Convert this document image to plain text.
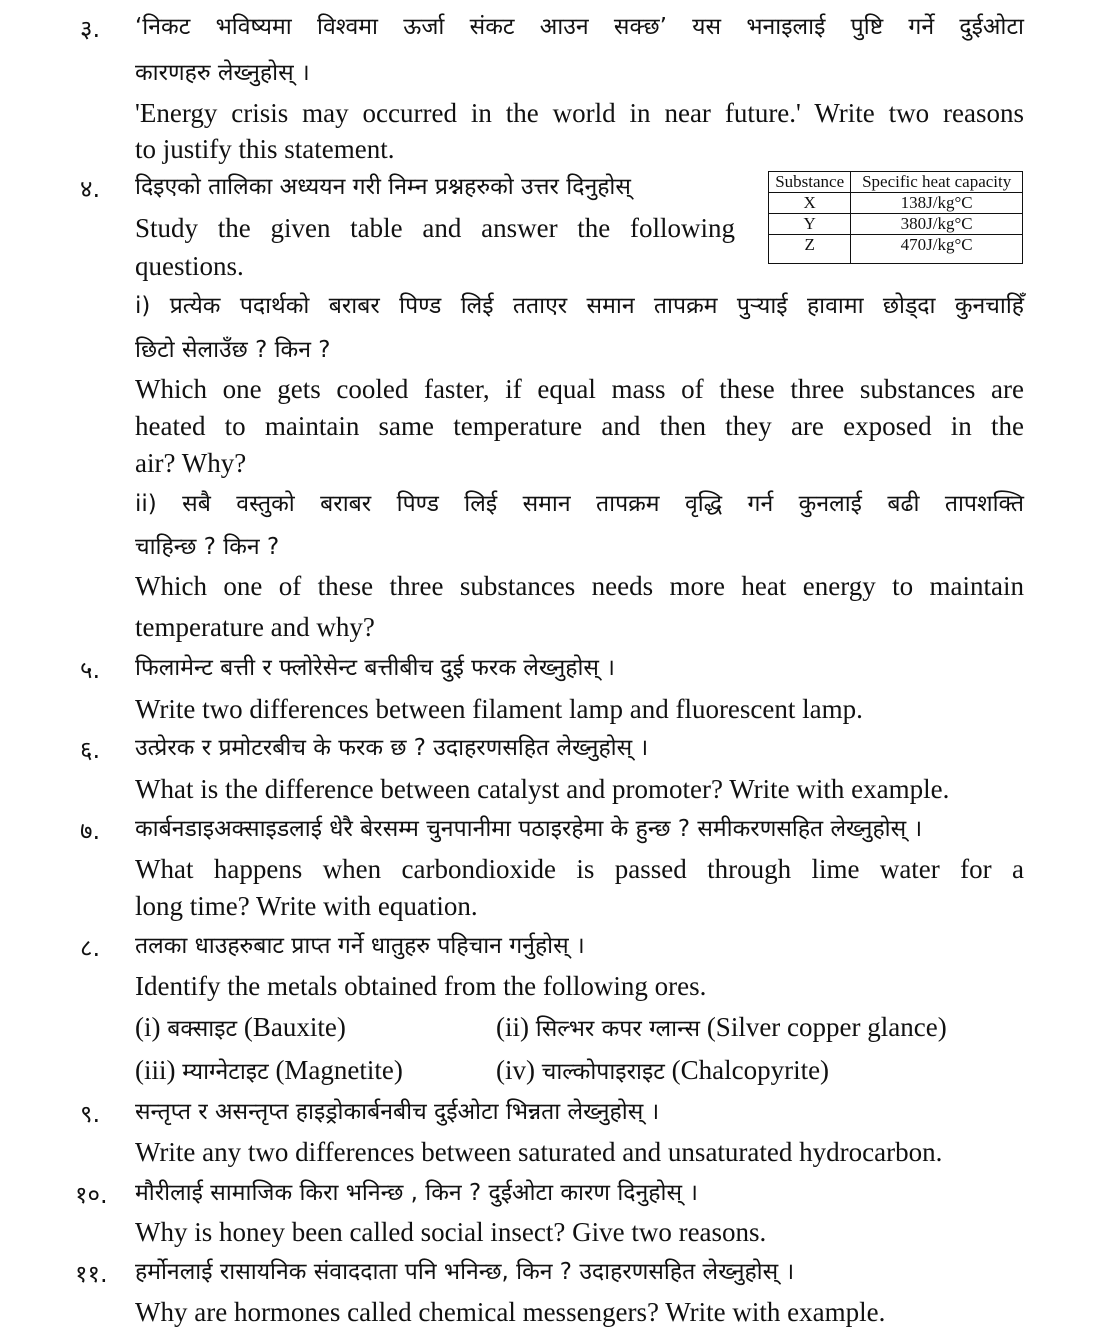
३. ‘निकट भविष्यमा विश्वमा ऊर्जा संकट आउन सक्छ’ यस भनाइलाई पुष्टि गर्ने दुईओटा
कारणहरु लेख्नुहोस् ।
'Energy crisis may occurred in the world in near future.' Write two reasons
to justify this statement.
४. दिइएको तालिका अध्ययन गरी निम्न प्रश्नहरुको उत्तर दिनुहोस्
Study the given table and answer the following
questions.
Substance	Specific heat capacity
X	138J/kg°C
Y	380J/kg°C
Z	470J/kg°C
i) प्रत्येक पदार्थको बराबर पिण्ड लिई तताएर समान तापक्रम पुऱ्याई हावामा छोड्दा कुनचाहिँ
छिटो सेलाउँछ ? किन ?
Which one gets cooled faster, if equal mass of these three substances are
heated to maintain same temperature and then they are exposed in the
air? Why?
ii) सबै वस्तुको बराबर पिण्ड लिई समान तापक्रम वृद्धि गर्न कुनलाई बढी तापशक्ति
चाहिन्छ ? किन ?
Which one of these three substances needs more heat energy to maintain
temperature and why?
५. फिलामेन्ट बत्ती र फ्लोरेसेन्ट बत्तीबीच दुई फरक लेख्नुहोस् ।
Write two differences between filament lamp and fluorescent lamp.
६. उत्प्रेरक र प्रमोटरबीच के फरक छ ? उदाहरणसहित लेख्नुहोस् ।
What is the difference between catalyst and promoter? Write with example.
७. कार्बनडाइअक्साइडलाई धेरै बेरसम्म चुनपानीमा पठाइरहेमा के हुन्छ ? समीकरणसहित लेख्नुहोस् ।
What happens when carbondioxide is passed through lime water for a
long time? Write with equation.
८. तलका धाउहरुबाट प्राप्त गर्ने धातुहरु पहिचान गर्नुहोस् ।
Identify the metals obtained from the following ores.
(i) बक्साइट (Bauxite)	(ii) सिल्भर कपर ग्लान्स (Silver copper glance)
(iii) म्याग्नेटाइट (Magnetite)	(iv) चाल्कोपाइराइट (Chalcopyrite)
९. सन्तृप्त र असन्तृप्त हाइड्रोकार्बनबीच दुईओटा भिन्नता लेख्नुहोस् ।
Write any two differences between saturated and unsaturated hydrocarbon.
१०. मौरीलाई सामाजिक किरा भनिन्छ , किन ? दुईओटा कारण दिनुहोस् ।
Why is honey been called social insect? Give two reasons.
११. हर्मोनलाई रासायनिक संवाददाता पनि भनिन्छ, किन ? उदाहरणसहित लेख्नुहोस् ।
Why are hormones called chemical messengers? Write with example.
